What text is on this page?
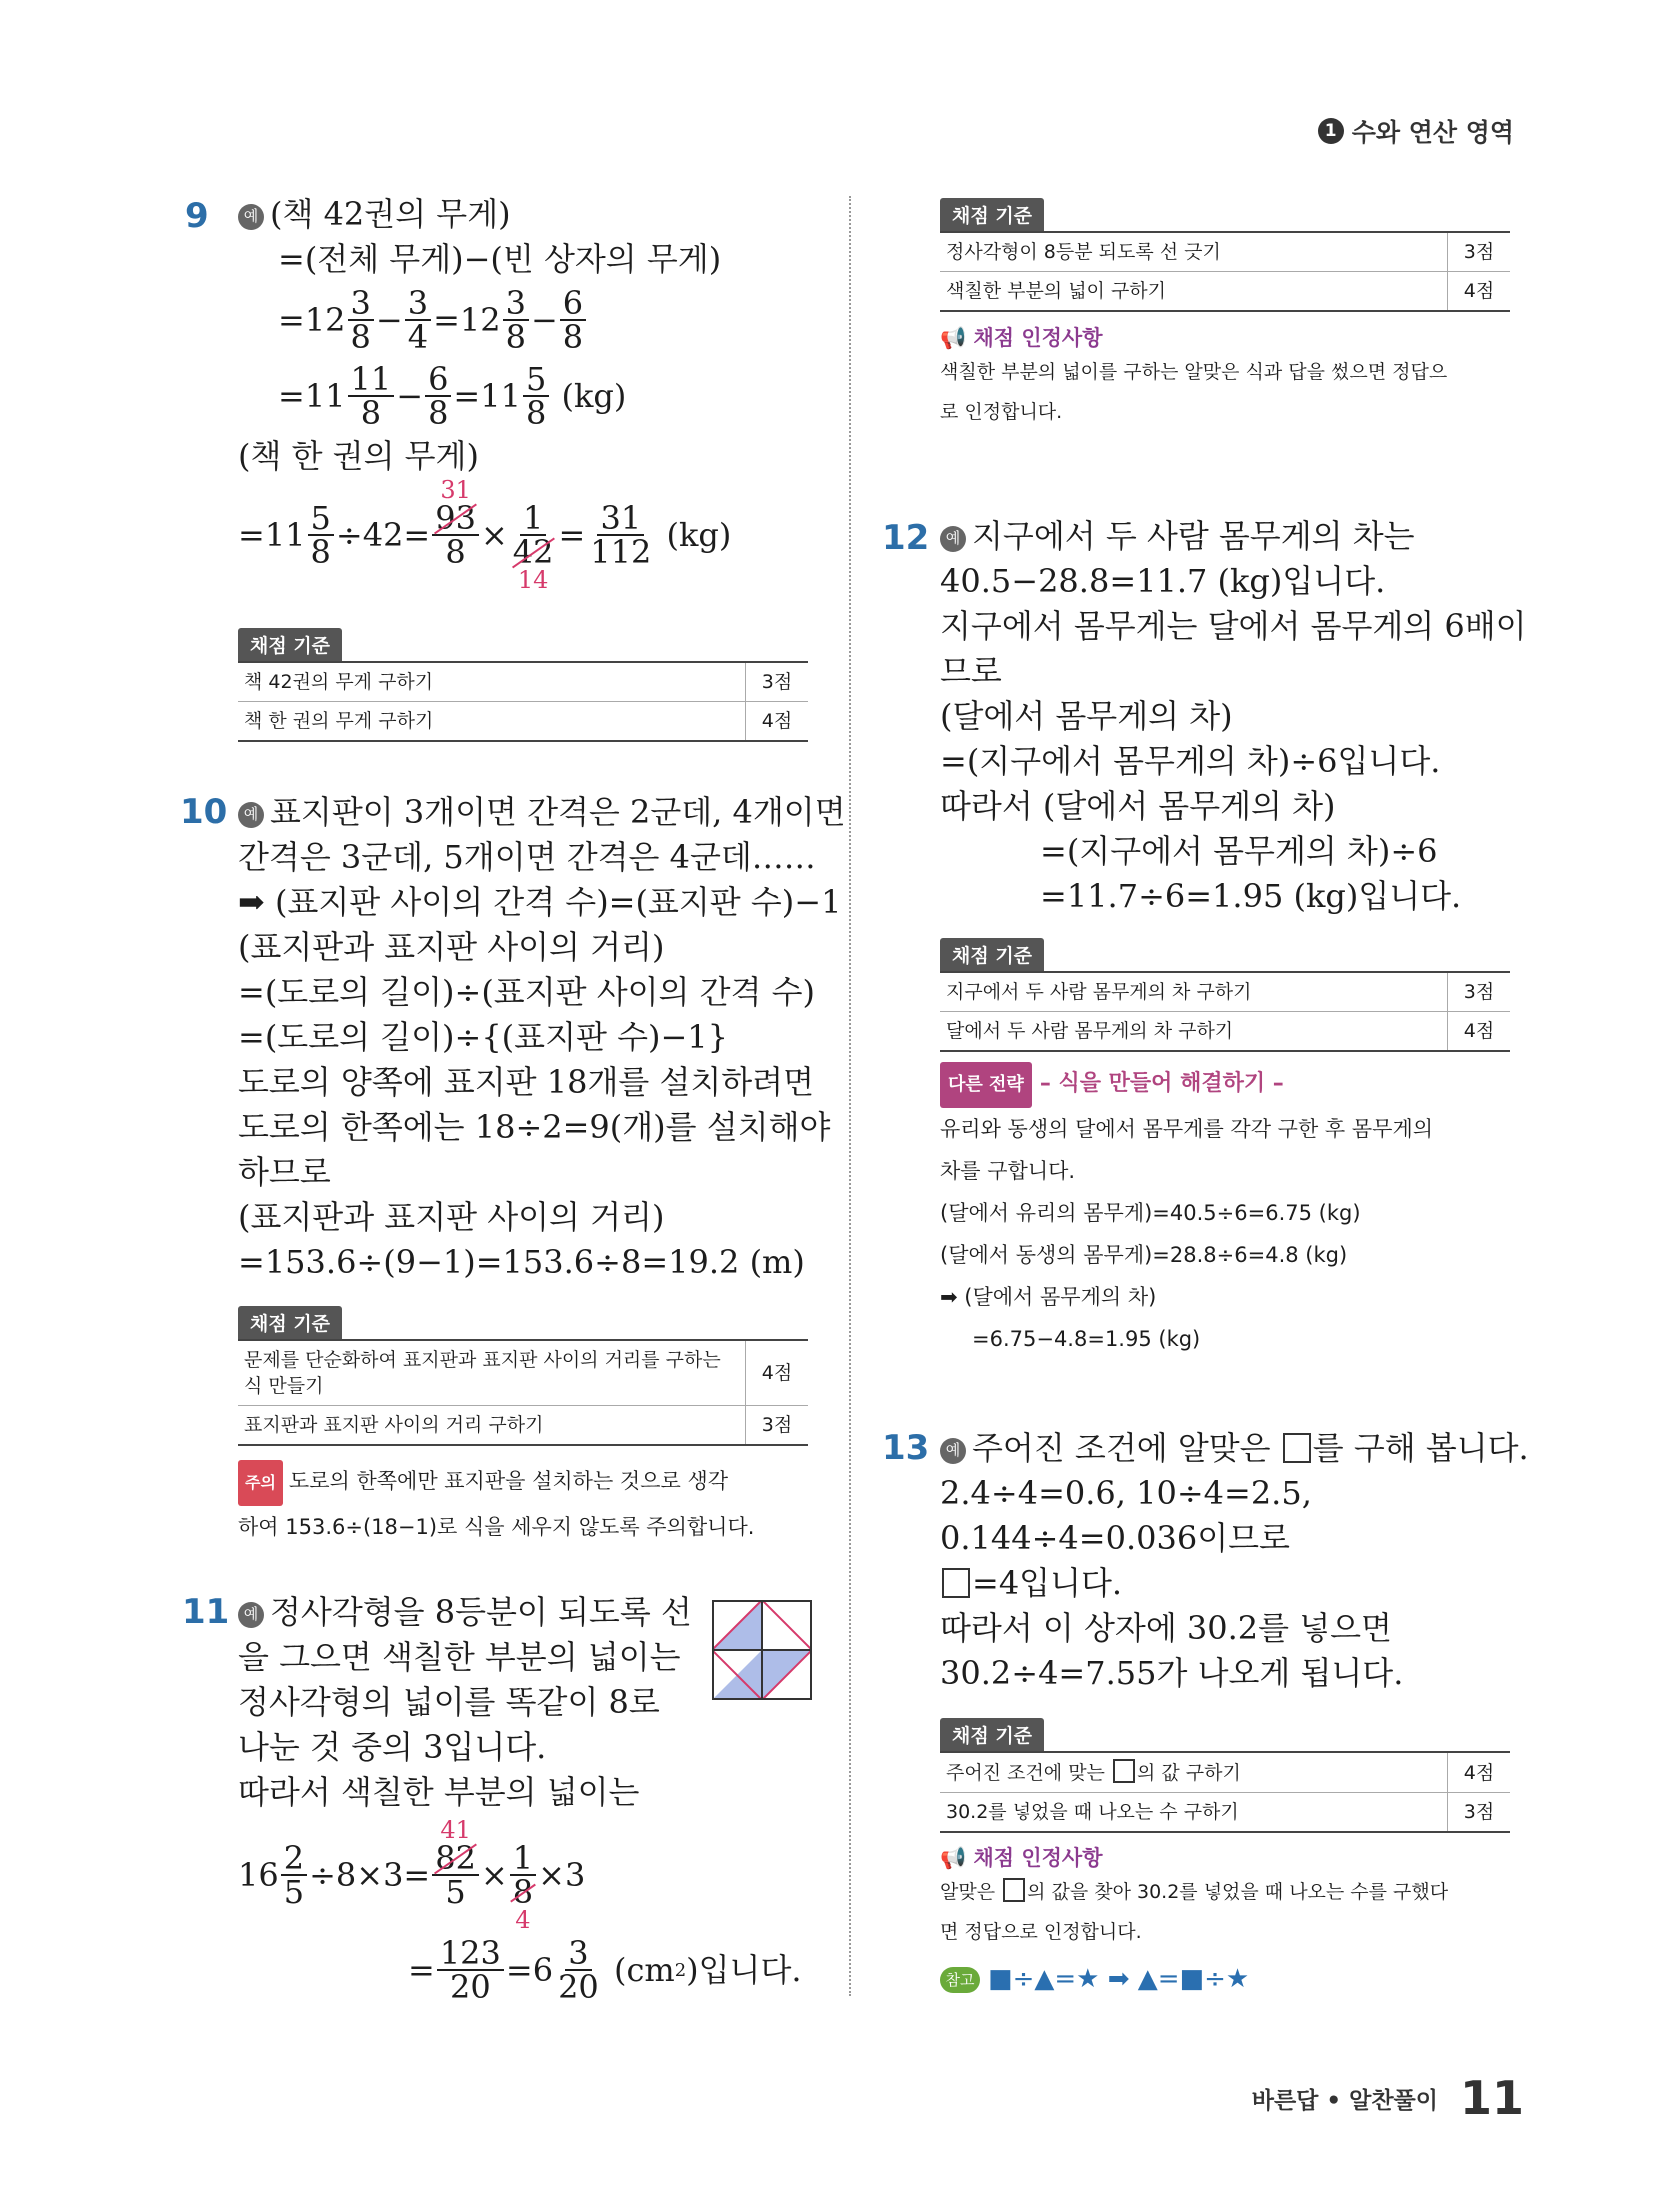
1 수와 연산 영역
9	예 (책 42권의 무게)
=(전체 무게)−(빈 상자의 무게)
= $12 \frac{3}{8} - \frac{3}{4} = 12 \frac{3}{8} - \frac{6}{8}$
= $11 \frac{11}{8} - \frac{6}{8} = 11 \frac{5}{8}$
(kg)
(책 한 권의 무게)
= $11 \frac{5}{8} \div 42=$
31
93
8 × 1
42
14
= $\frac{31}{112}$
(kg)
채점 기준
책 42권의 무게 구하기	3점
책 한 권의 무게 구하기	4점
10	예 표지판이 3개이면 간격은 2군데, 4개이면
간격은 3군데, 5개이면 간격은 4군데……
➡ (표지판 사이의 간격 수)=(표지판 수)−1
(표지판과 표지판 사이의 거리)
=(도로의 길이)÷(표지판 사이의 간격 수)
=(도로의 길이)÷{(표지판 수)−1}
도로의 양쪽에 표지판 18개를 설치하려면
도로의 한쪽에는 18÷2=9(개)를 설치해야
하므로
(표지판과 표지판 사이의 거리)
=153.6÷(9−1)=153.6÷8=19.2 (m)
채점 기준
문제를 단순화하여 표지판과 표지판 사이의 거리를 구하는 식 만들기	4점
표지판과 표지판 사이의 거리 구하기	3점
주의 도로의 한쪽에만 표지판을 설치하는 것으로 생각
하여 153.6÷(18−1)로 식을 세우지 않도록 주의합니다.
11 예 정사각형을 8등분이 되도록 선
을 그으면 색칠한 부분의 넓이는
정사각형의 넓이를 똑같이 8로
나눈 것 중의 3입니다.
따라서 색칠한 부분의 넓이는
$16 \frac{2}{5} \div 8\times 3=$
41
82
5 × 1
8
4
×3
= $\frac{123}{20} = 6 \frac{3}{20}$
(cm 2 )입니다.
채점 기준
정사각형이 8등분 되도록 선 긋기	3점
색칠한 부분의 넓이 구하기	4점
📢 채점 인정사항
색칠한 부분의 넓이를 구하는 알맞은 식과 답을 썼으면 정답으
로 인정합니다.
12	예 지구에서 두 사람 몸무게의 차는
40.5−28.8=11.7 (kg)입니다.
지구에서 몸무게는 달에서 몸무게의 6배이
므로
(달에서 몸무게의 차)
=(지구에서 몸무게의 차)÷6입니다.
따라서 (달에서 몸무게의 차)
=(지구에서 몸무게의 차)÷6
=11.7÷6=1.95 (kg)입니다.
채점 기준
지구에서 두 사람 몸무게의 차 구하기	3점
달에서 두 사람 몸무게의 차 구하기	4점
다른 전략 – 식을 만들어 해결하기 –
유리와 동생의 달에서 몸무게를 각각 구한 후 몸무게의
차를 구합니다.
(달에서 유리의 몸무게)=40.5÷6=6.75 (kg)
(달에서 동생의 몸무게)=28.8÷6=4.8 (kg)
➡ (달에서 몸무게의 차)
=6.75−4.8=1.95 (kg)
13	예 주어진 조건에 알맞은 를 구해 봅니다.
2.4÷4=0.6, 10÷4=2.5,
0.144÷4=0.036이므로
=4입니다.
따라서 이 상자에 30.2를 넣으면
30.2÷4=7.55가 나오게 됩니다.
채점 기준
주어진 조건에 맞는 의 값 구하기	4점
30.2를 넣었을 때 나오는 수 구하기	3점
📢 채점 인정사항
알맞은 의 값을 찾아 30.2를 넣었을 때 나오는 수를 구했다
면 정답으로 인정합니다.
참고 ■÷▲=★ ➡ ▲=■÷★
바른답 • 알찬풀이 11
